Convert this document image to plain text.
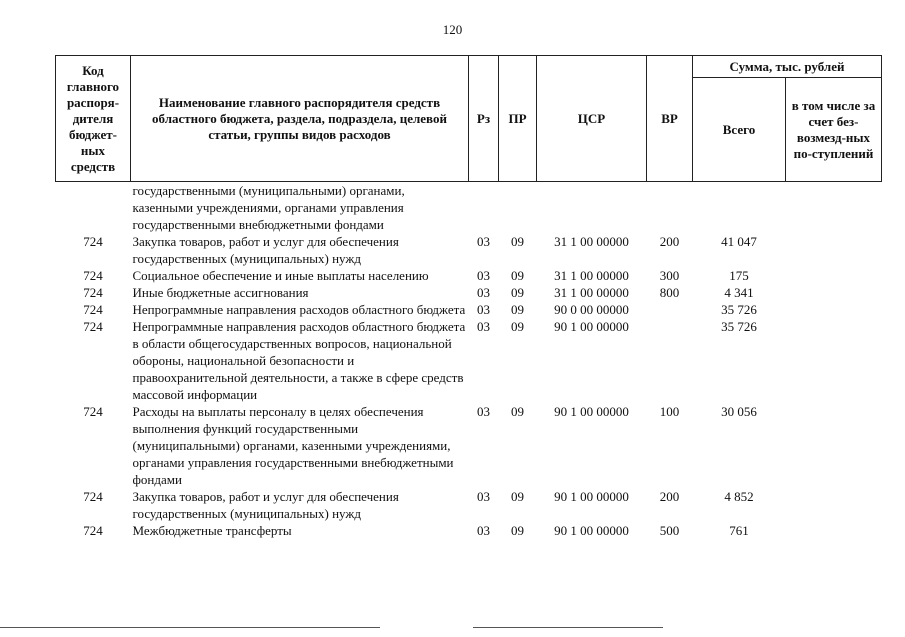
120
Код главного распоря-дителя бюджет-ных средств	Наименование главного распорядителя средств областного бюджета, раздела, подраздела, целевой статьи, группы видов расходов	Рз	ПР	ЦСР	ВР	Сумма, тыс. рублей	
						Всего	в том числе за счет без-возмезд-ных по-ступлений
	государственными (муниципальными) органами, казенными учреждениями, органами управления государственными внебюджетными фондами						
724	Закупка товаров, работ и услуг для обеспечения государственных (муниципальных) нужд	03	09	31 1 00 00000	200	41 047	
724	Социальное обеспечение и иные выплаты населению	03	09	31 1 00 00000	300	175	
724	Иные бюджетные ассигнования	03	09	31 1 00 00000	800	4 341	
724	Непрограммные направления расходов областного бюджета	03	09	90 0 00 00000		35 726	
724	Непрограммные направления расходов областного бюджета в области общегосударственных вопросов, национальной обороны, национальной безопасности и правоохранительной деятельности, а также в сфере средств массовой информации	03	09	90 1 00 00000		35 726	
724	Расходы на выплаты персоналу в целях обеспечения выполнения функций государственными (муниципальными) органами, казенными учреждениями, органами управления государственными внебюджетными фондами	03	09	90 1 00 00000	100	30 056	
724	Закупка товаров, работ и услуг для обеспечения государственных (муниципальных) нужд	03	09	90 1 00 00000	200	4 852	
724	Межбюджетные трансферты	03	09	90 1 00 00000	500	761	
